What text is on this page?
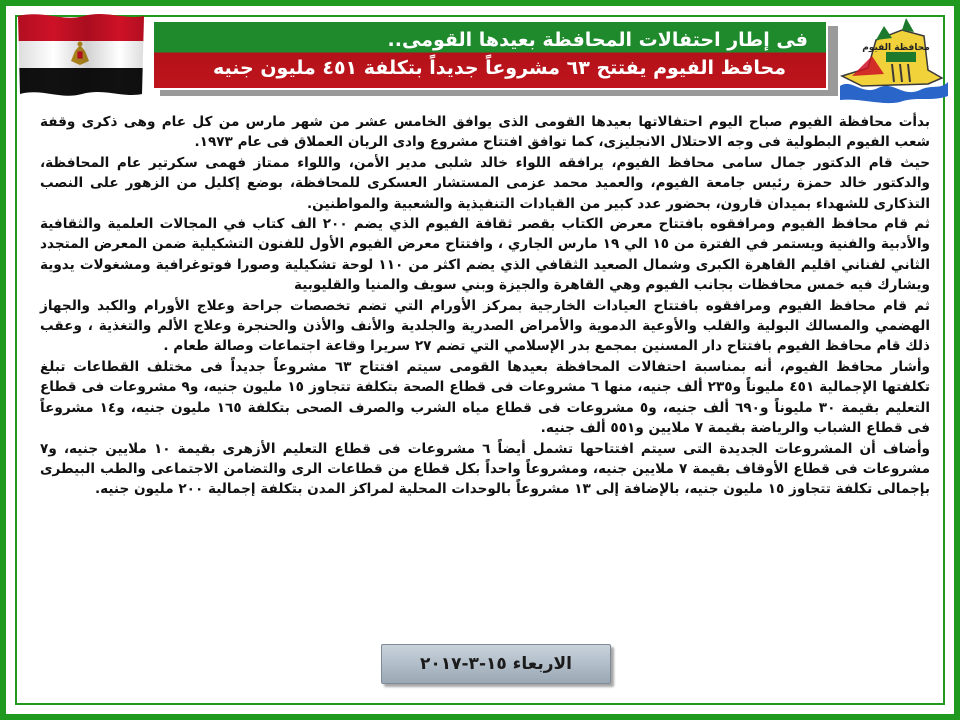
محافظة الفيوم
فى إطار احتفالات المحافظة بعيدها القومى..
محافظ الفيوم يفتتح ٦٣ مشروعاً جديداً بتكلفة ٤٥١ مليون جنيه

بدأت محافظة الفيوم صباح اليوم احتفالاتها بعيدها القومى الذى يوافق الخامس عشر من شهر مارس من كل عام وهى ذكرى وقفة شعب الفيوم البطولية فى وجه الاحتلال الانجليزى، كما توافق افتتاح مشروع وادى الريان العملاق فى عام ١٩٧٣.

حيث قام الدكتور جمال سامى محافظ الفيوم، يرافقه اللواء خالد شلبى مدير الأمن، واللواء ممتاز فهمى سكرتير عام المحافظة، والدكتور خالد حمزة رئيس جامعة الفيوم، والعميد محمد عزمى المستشار العسكرى للمحافظة، بوضع إكليل من الزهور على النصب التذكارى للشهداء بميدان قارون، بحضور عدد كبير من القيادات التنفيذية والشعبية والمواطنين.

ثم قام محافظ الفيوم ومرافقوه بافتتاح معرض الكتاب بقصر ثقافة الفيوم الذي يضم ٢٠٠ الف كتاب في المجالات العلمية والثقافية والأدبية والفنية ويستمر في الفترة من ١٥ الي ١٩ مارس الجاري ، وافتتاح معرض الفيوم الأول للفنون التشكيلية ضمن المعرض المتجدد الثاني لفناني اقليم القاهرة الكبرى وشمال الصعيد الثقافي الذي يضم اكثر من ١١٠ لوحة تشكيلية وصورا فوتوغرافية ومشغولات يدوية ويشارك فيه خمس محافظات بجانب الفيوم وهي القاهرة والجيزة وبني سويف والمنيا والقليوبية

ثم قام محافظ الفيوم ومرافقوه بافتتاح العيادات الخارجية بمركز الأورام التي تضم تخصصات جراحة وعلاج الأورام والكبد والجهاز الهضمي والمسالك البولية والقلب والأوعية الدموية والأمراض الصدرية والجلدية والأنف والأذن والحنجرة وعلاج الألم والتغذية ، وعقب ذلك قام محافظ الفيوم بافتتاح دار المسنين بمجمع بدر الإسلامي التي تضم ٢٧ سريرا وقاعة اجتماعات وصالة طعام .

وأشار محافظ الفيوم، أنه بمناسبة احتفالات المحافظة بعيدها القومى سيتم افتتاح ٦٣ مشروعاً جديداً فى مختلف القطاعات تبلغ تكلفتها الإجمالية ٤٥١ مليوناً و٢٣٥ ألف جنيه، منها ٦ مشروعات فى قطاع الصحة بتكلفة تتجاوز ١٥ مليون جنيه، و٩ مشروعات فى قطاع التعليم بقيمة ٣٠ مليوناً و٦٩٠ ألف جنيه، و٥ مشروعات فى قطاع مياه الشرب والصرف الصحى بتكلفة ١٦٥ مليون جنيه، و١٤ مشروعاً فى قطاع الشباب والرياضة بقيمة ٧ ملايين و٥٥١ ألف جنيه.

وأضاف أن المشروعات الجديدة التى سيتم افتتاحها تشمل أيضاً ٦ مشروعات فى قطاع التعليم الأزهرى بقيمة ١٠ ملايين جنيه، و٧ مشروعات فى قطاع الأوقاف بقيمة ٧ ملايين جنيه، ومشروعاً واحداً بكل قطاع من قطاعات الرى والتضامن الاجتماعى والطب البيطرى بإجمالى تكلفة تتجاوز ١٥ مليون جنيه، بالإضافة إلى ١٣ مشروعاً بالوحدات المحلية لمراكز المدن بتكلفة إجمالية ٢٠٠ مليون جنيه.

الاربعاء ١٥-٣-٢٠١٧
